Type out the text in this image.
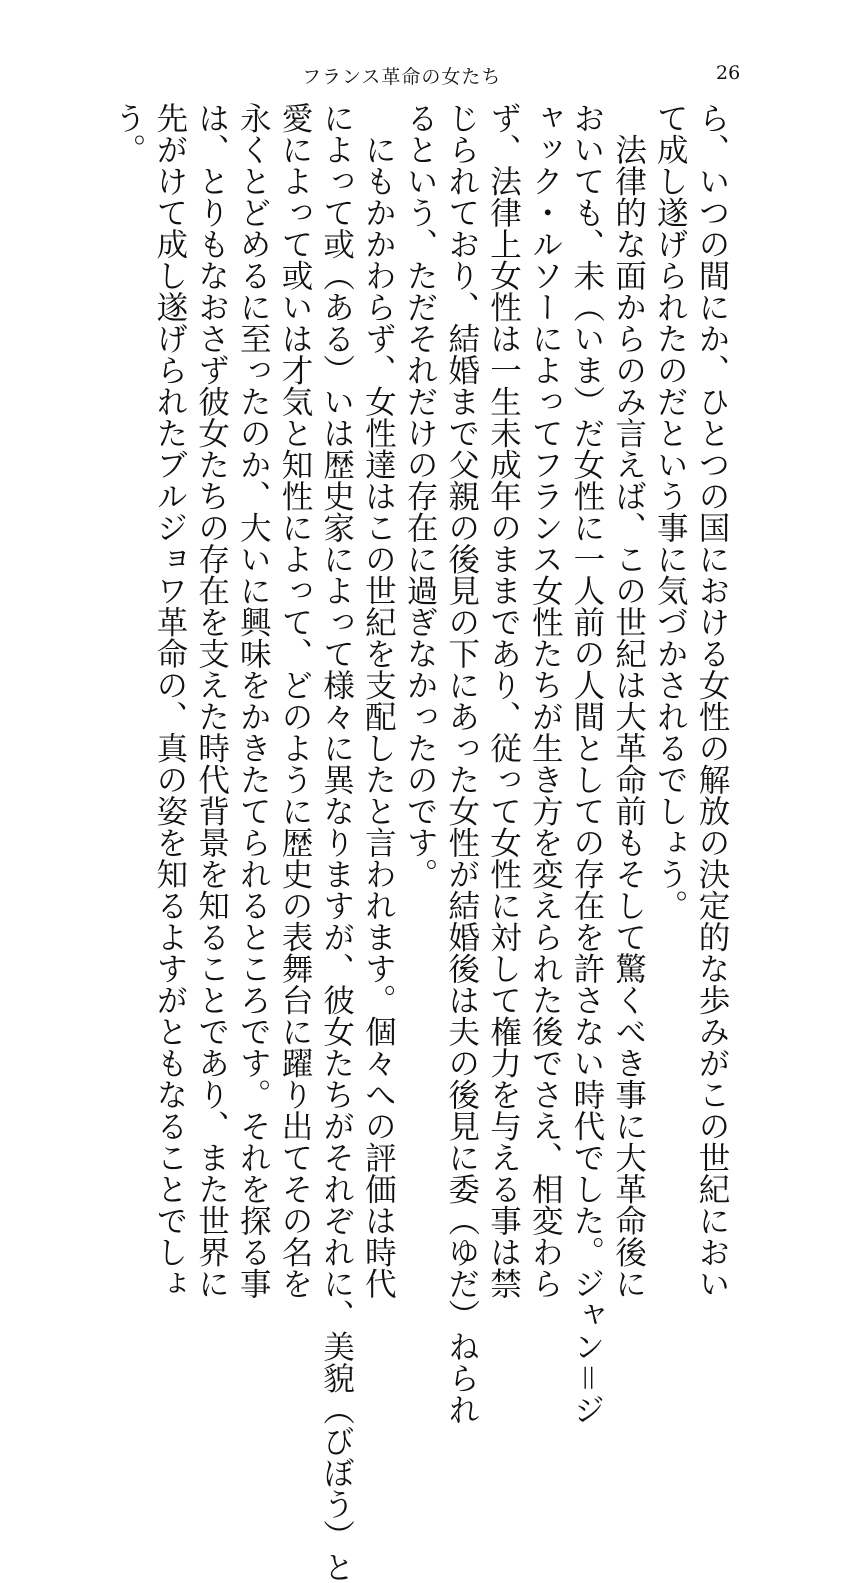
フランス革命の女たち	26
ら、いつの間にか、ひとつの国における女性の解放の決定的な歩みがこの世紀におい
て成し遂げられたのだという事に気づかされるでしょう。
　法律的な面からのみ言えば、この世紀は大革命前もそして驚くべき事に大革命後に
おいても、未（いま）だ女性に一人前の人間としての存在を許さない時代でした。ジャン＝ジ
ャック・ルソーによってフランス女性たちが生き方を変えられた後でさえ、相変わら
ず、法律上女性は一生未成年のままであり、従って女性に対して権力を与える事は禁
じられており、結婚まで父親の後見の下にあった女性が結婚後は夫の後見に委（ゆだ）ねられ
るという、ただそれだけの存在に過ぎなかったのです。
　にもかかわらず、女性達はこの世紀を支配したと言われます。個々への評価は時代
によって或（ある）いは歴史家によって様々に異なりますが、彼女たちがそれぞれに、美貌（びぼう）と
愛によって或いは才気と知性によって、どのように歴史の表舞台に躍り出てその名を
永くとどめるに至ったのか、大いに興味をかきたてられるところです。それを探る事
は、とりもなおさず彼女たちの存在を支えた時代背景を知ることであり、また世界に
先がけて成し遂げられたブルジョワ革命の、真の姿を知るよすがともなることでしょ
う。
